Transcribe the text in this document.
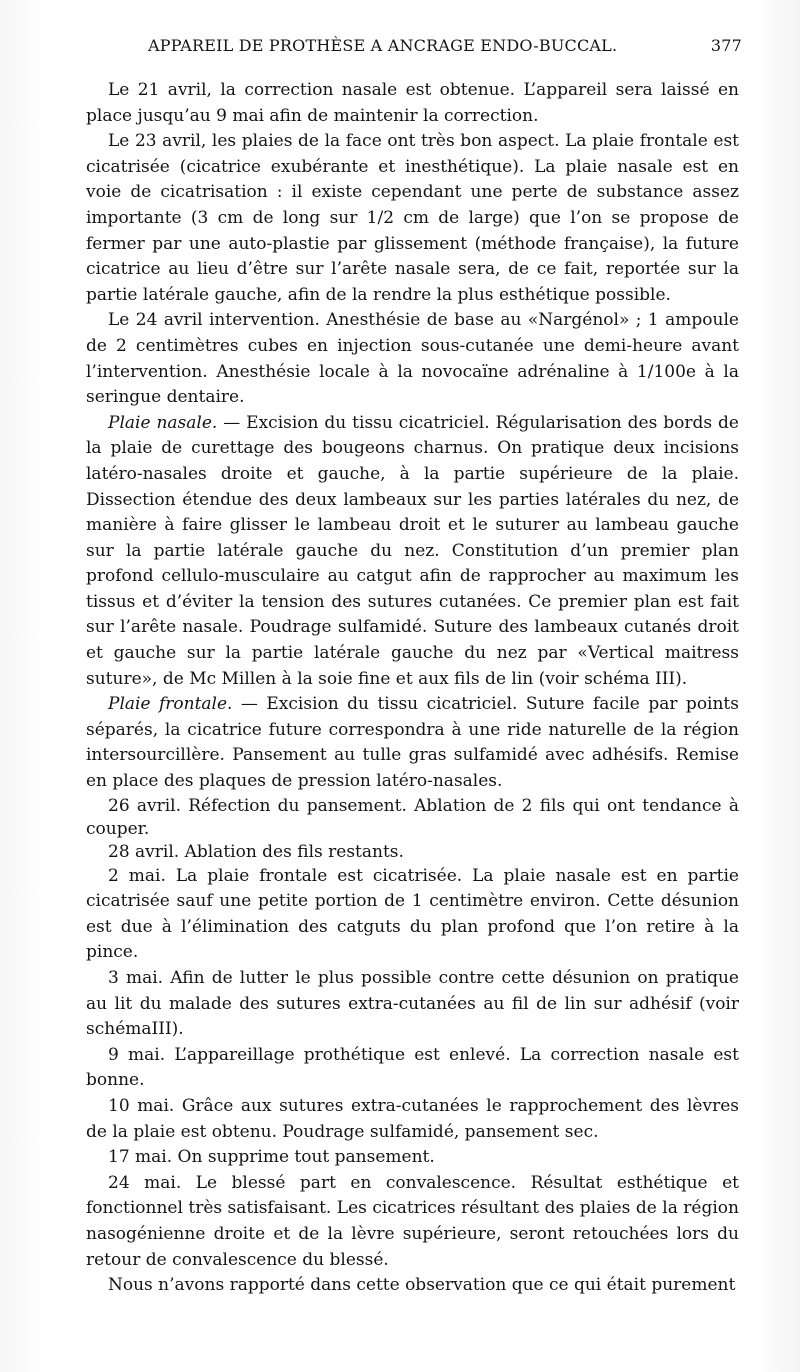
APPAREIL DE PROTHÈSE A ANCRAGE ENDO-BUCCAL.	377

Le 21 avril, la correction nasale est obtenue. L’appareil sera laissé en place jusqu’au 9 mai afin de maintenir la correction.

Le 23 avril, les plaies de la face ont très bon aspect. La plaie frontale est cicatrisée (cicatrice exubérante et inesthétique). La plaie nasale est en voie de cicatrisation : il existe cependant une perte de substance assez importante (3 cm de long sur 1/2 cm de large) que l’on se propose de fermer par une auto-plastie par glissement (méthode française), la future cicatrice au lieu d’être sur l’arête nasale sera, de ce fait, reportée sur la partie latérale gauche, afin de la rendre la plus esthétique possible.

Le 24 avril intervention. Anesthésie de base au «Nargénol» ; 1 ampoule de 2 centimètres cubes en injection sous-cutanée une demi-heure avant l’intervention. Anesthésie locale à la novocaïne adrénaline à 1/100e à la seringue dentaire.

Plaie nasale. — Excision du tissu cicatriciel. Régularisation des bords de la plaie de curettage des bougeons charnus. On pratique deux incisions latéro-nasales droite et gauche, à la partie supérieure de la plaie. Dissection étendue des deux lambeaux sur les parties latérales du nez, de manière à faire glisser le lambeau droit et le suturer au lambeau gauche sur la partie latérale gauche du nez. Constitution d’un premier plan profond cellulo-musculaire au catgut afin de rapprocher au maximum les tissus et d’éviter la tension des sutures cutanées. Ce premier plan est fait sur l’arête nasale. Poudrage sulfamidé. Suture des lambeaux cutanés droit et gauche sur la partie latérale gauche du nez par «Vertical maitress suture», de Mc Millen à la soie fine et aux fils de lin (voir schéma III).

Plaie frontale. — Excision du tissu cicatriciel. Suture facile par points séparés, la cicatrice future correspondra à une ride naturelle de la région intersourcillère. Pansement au tulle gras sulfamidé avec adhésifs. Remise en place des plaques de pression latéro-nasales.

26 avril. Réfection du pansement. Ablation de 2 fils qui ont tendance à couper.

28 avril. Ablation des fils restants.

2 mai. La plaie frontale est cicatrisée. La plaie nasale est en partie cicatrisée sauf une petite portion de 1 centimètre environ. Cette désunion est due à l’élimination des catguts du plan profond que l’on retire à la pince.

3 mai. Afin de lutter le plus possible contre cette désunion on pratique au lit du malade des sutures extra-cutanées au fil de lin sur adhésif (voir schémaIII).

9 mai. L’appareillage prothétique est enlevé. La correction nasale est bonne.

10 mai. Grâce aux sutures extra-cutanées le rapprochement des lèvres de la plaie est obtenu. Poudrage sulfamidé, pansement sec.

17 mai. On supprime tout pansement.

24 mai. Le blessé part en convalescence. Résultat esthétique et fonctionnel très satisfaisant. Les cicatrices résultant des plaies de la région nasogénienne droite et de la lèvre supérieure, seront retouchées lors du retour de convalescence du blessé.

Nous n’avons rapporté dans cette observation que ce qui était purement
